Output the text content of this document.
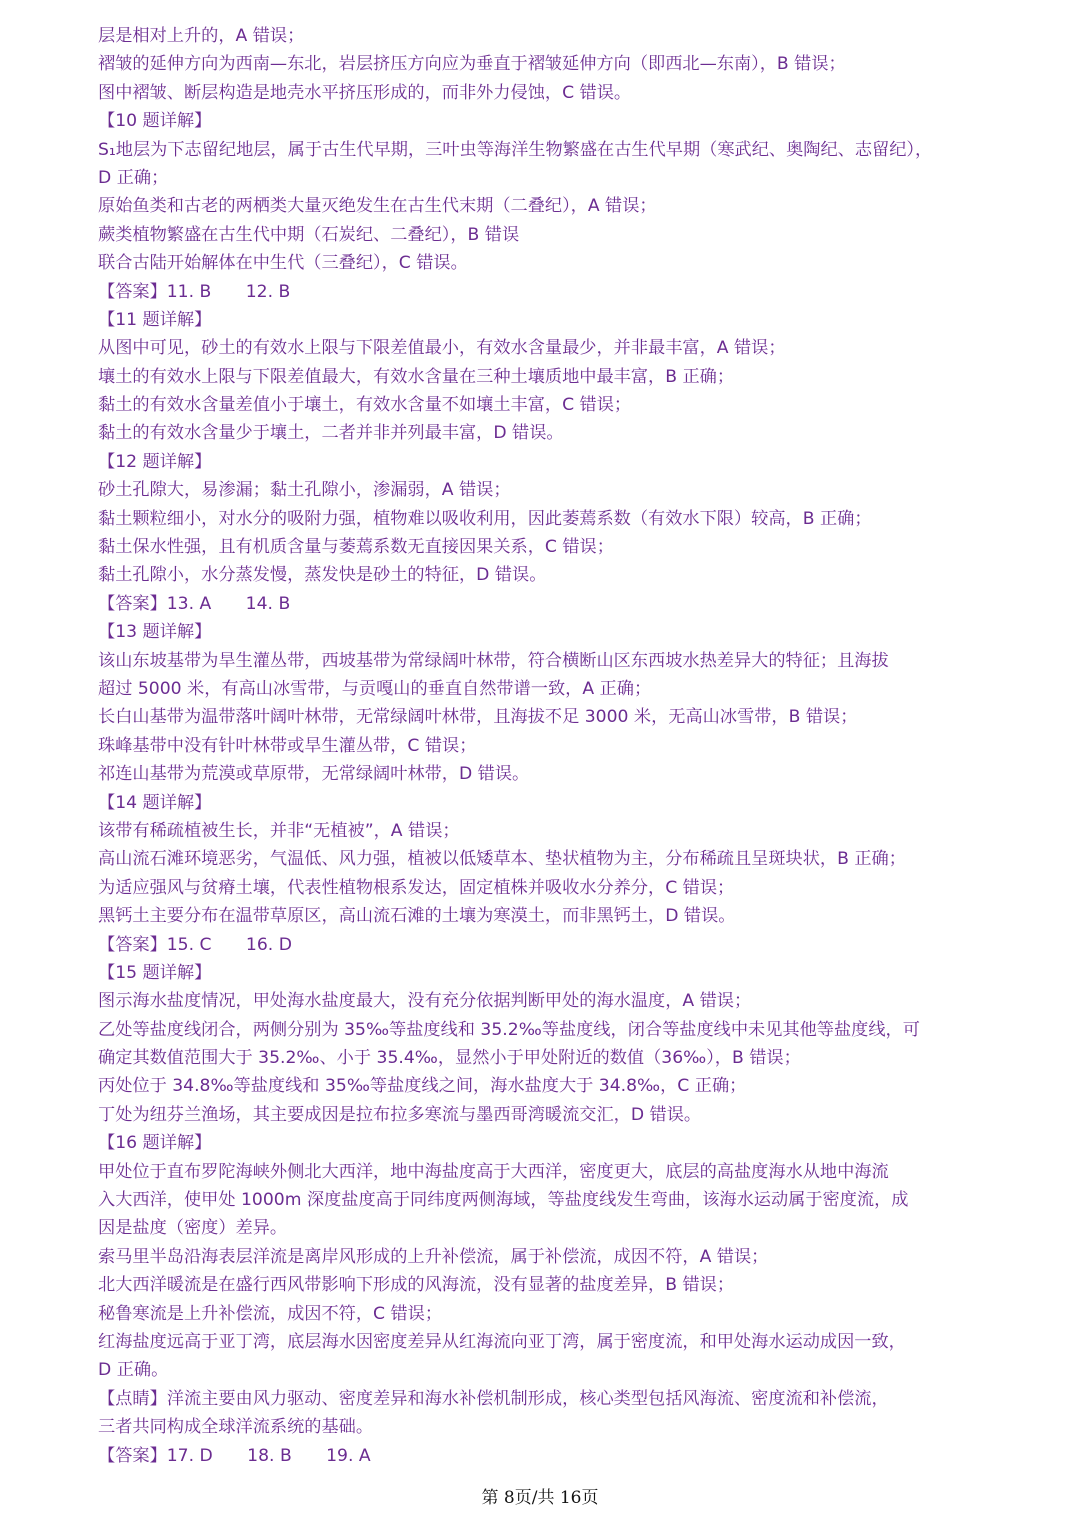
层是相对上升的，A 错误；
褶皱的延伸方向为西南—东北，岩层挤压方向应为垂直于褶皱延伸方向（即西北—东南），B 错误；
图中褶皱、断层构造是地壳水平挤压形成的，而非外力侵蚀，C 错误。
【10 题详解】
S₁地层为下志留纪地层，属于古生代早期，三叶虫等海洋生物繁盛在古生代早期（寒武纪、奥陶纪、志留纪），
D 正确；
原始鱼类和古老的两栖类大量灭绝发生在古生代末期（二叠纪），A 错误；
蕨类植物繁盛在古生代中期（石炭纪、二叠纪），B 错误
联合古陆开始解体在中生代（三叠纪），C 错误。
【答案】11. B　　12. B
【11 题详解】
从图中可见，砂土的有效水上限与下限差值最小，有效水含量最少，并非最丰富，A 错误；
壤土的有效水上限与下限差值最大，有效水含量在三种土壤质地中最丰富，B 正确；
黏土的有效水含量差值小于壤土，有效水含量不如壤土丰富，C 错误；
黏土的有效水含量少于壤土，二者并非并列最丰富，D 错误。
【12 题详解】
砂土孔隙大，易渗漏；黏土孔隙小，渗漏弱，A 错误；
黏土颗粒细小，对水分的吸附力强，植物难以吸收利用，因此萎蔫系数（有效水下限）较高，B 正确；
黏土保水性强，且有机质含量与萎蔫系数无直接因果关系，C 错误；
黏土孔隙小，水分蒸发慢，蒸发快是砂土的特征，D 错误。
【答案】13. A　　14. B
【13 题详解】
该山东坡基带为旱生灌丛带，西坡基带为常绿阔叶林带，符合横断山区东西坡水热差异大的特征；且海拔
超过 5000 米，有高山冰雪带，与贡嘎山的垂直自然带谱一致，A 正确；
长白山基带为温带落叶阔叶林带，无常绿阔叶林带，且海拔不足 3000 米，无高山冰雪带，B 错误；
珠峰基带中没有针叶林带或旱生灌丛带，C 错误；
祁连山基带为荒漠或草原带，无常绿阔叶林带，D 错误。
【14 题详解】
该带有稀疏植被生长，并非“无植被”，A 错误；
高山流石滩环境恶劣，气温低、风力强，植被以低矮草本、垫状植物为主，分布稀疏且呈斑块状，B 正确；
为适应强风与贫瘠土壤，代表性植物根系发达，固定植株并吸收水分养分，C 错误；
黑钙土主要分布在温带草原区，高山流石滩的土壤为寒漠土，而非黑钙土，D 错误。
【答案】15. C　　16. D
【15 题详解】
图示海水盐度情况，甲处海水盐度最大，没有充分依据判断甲处的海水温度，A 错误；
乙处等盐度线闭合，两侧分别为 35‰等盐度线和 35.2‰等盐度线，闭合等盐度线中未见其他等盐度线，可
确定其数值范围大于 35.2‰、小于 35.4‰，显然小于甲处附近的数值（36‰），B 错误；
丙处位于 34.8‰等盐度线和 35‰等盐度线之间，海水盐度大于 34.8‰，C 正确；
丁处为纽芬兰渔场，其主要成因是拉布拉多寒流与墨西哥湾暖流交汇，D 错误。
【16 题详解】
甲处位于直布罗陀海峡外侧北大西洋，地中海盐度高于大西洋，密度更大，底层的高盐度海水从地中海流
入大西洋，使甲处 1000m 深度盐度高于同纬度两侧海域，等盐度线发生弯曲，该海水运动属于密度流，成
因是盐度（密度）差异。
索马里半岛沿海表层洋流是离岸风形成的上升补偿流，属于补偿流，成因不符，A 错误；
北大西洋暖流是在盛行西风带影响下形成的风海流，没有显著的盐度差异，B 错误；
秘鲁寒流是上升补偿流，成因不符，C 错误；
红海盐度远高于亚丁湾，底层海水因密度差异从红海流向亚丁湾，属于密度流，和甲处海水运动成因一致，
D 正确。
【点睛】洋流主要由风力驱动、密度差异和海水补偿机制形成，核心类型包括风海流、密度流和补偿流，
三者共同构成全球洋流系统的基础。
【答案】17. D　　18. B　　19. A
第 8页/共 16页
